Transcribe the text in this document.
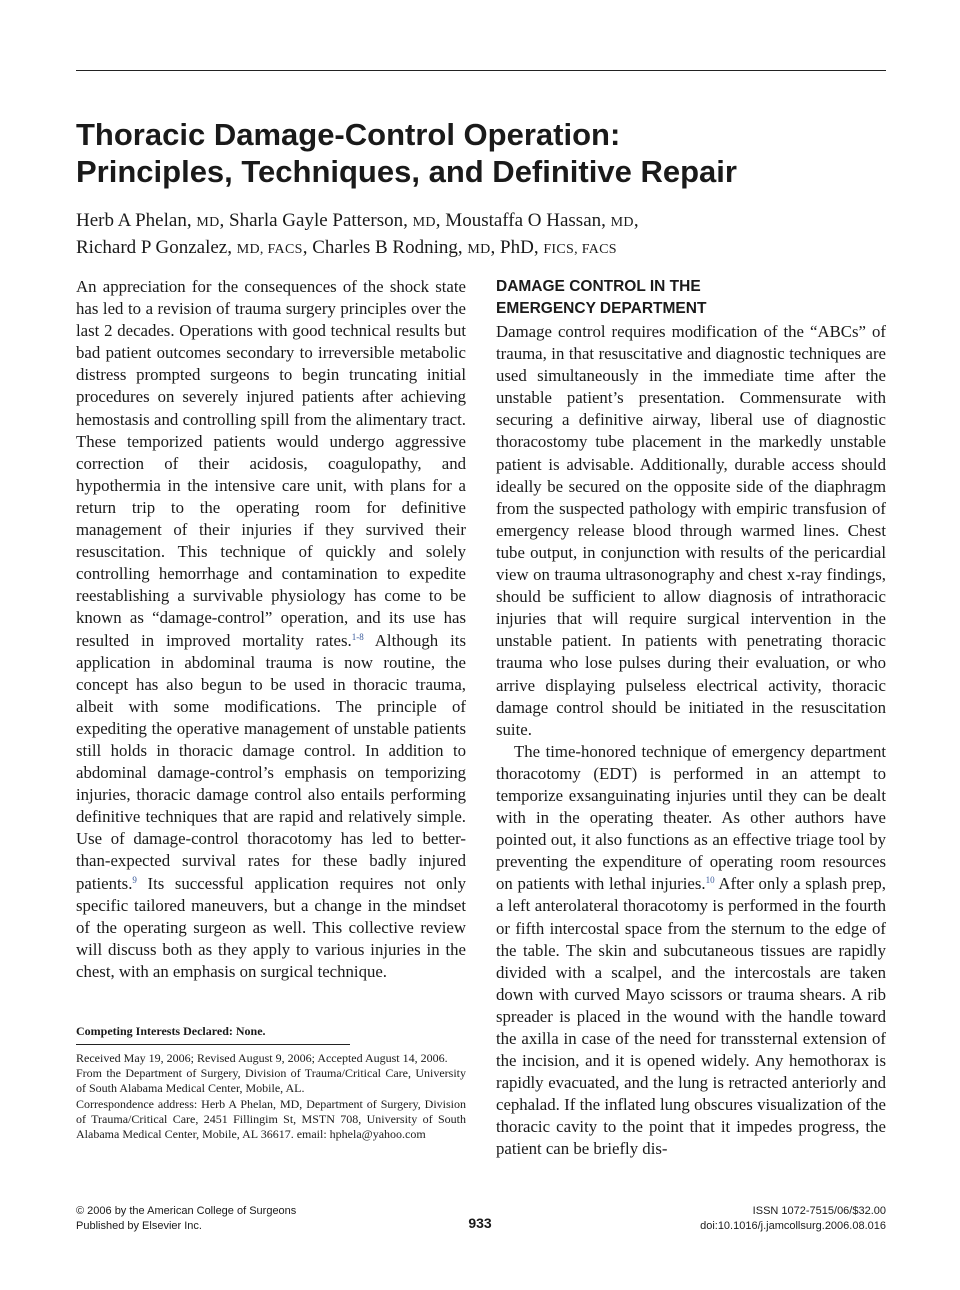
Thoracic Damage-Control Operation:
Principles, Techniques, and Definitive Repair
Herb A Phelan, MD, Sharla Gayle Patterson, MD, Moustaffa O Hassan, MD,
Richard P Gonzalez, MD, FACS, Charles B Rodning, MD, PhD, FICS, FACS

An appreciation for the consequences of the shock state has led to a revision of trauma surgery principles over the last 2 decades. Operations with good technical results but bad patient outcomes secondary to irreversible metabolic distress prompted surgeons to begin truncating initial procedures on severely injured patients after achieving hemostasis and controlling spill from the alimentary tract. These temporized patients would undergo aggressive correction of their acidosis, coagulopathy, and hypothermia in the intensive care unit, with plans for a return trip to the operating room for definitive management of their injuries if they survived their resuscitation. This technique of quickly and solely controlling hemorrhage and contamination to expedite reestablishing a survivable physiology has come to be known as “damage-control” operation, and its use has resulted in improved mortality rates.$^{1-8}$ Although its application in abdominal trauma is now routine, the concept has also begun to be used in thoracic trauma, albeit with some modifications. The principle of expediting the operative management of unstable patients still holds in thoracic damage control. In addition to abdominal damage-control’s emphasis on temporizing injuries, thoracic damage control also entails performing definitive techniques that are rapid and relatively simple. Use of damage-control thoracotomy has led to better-than-expected survival rates for these badly injured patients.$^9$ Its successful application requires not only specific tailored maneuvers, but a change in the mindset of the operating surgeon as well. This collective review will discuss both as they apply to various injuries in the chest, with an emphasis on surgical technique.

Competing Interests Declared: None.

Received May 19, 2006; Revised August 9, 2006; Accepted August 14, 2006.

From the Department of Surgery, Division of Trauma/Critical Care, University of South Alabama Medical Center, Mobile, AL.

Correspondence address: Herb A Phelan, MD, Department of Surgery, Division of Trauma/Critical Care, 2451 Fillingim St, MSTN 708, University of South Alabama Medical Center, Mobile, AL 36617. email: hphela@yahoo.com

DAMAGE CONTROL IN THE
EMERGENCY DEPARTMENT

Damage control requires modification of the “ABCs” of trauma, in that resuscitative and diagnostic techniques are used simultaneously in the immediate time after the unstable patient’s presentation. Commensurate with securing a definitive airway, liberal use of diagnostic thoracostomy tube placement in the markedly unstable patient is advisable. Additionally, durable access should ideally be secured on the opposite side of the diaphragm from the suspected pathology with empiric transfusion of emergency release blood through warmed lines. Chest tube output, in conjunction with results of the pericardial view on trauma ultrasonography and chest x-ray findings, should be sufficient to allow diagnosis of intrathoracic injuries that will require surgical intervention in the unstable patient. In patients with penetrating thoracic trauma who lose pulses during their evaluation, or who arrive displaying pulseless electrical activity, thoracic damage control should be initiated in the resuscitation suite.

The time-honored technique of emergency department thoracotomy (EDT) is performed in an attempt to temporize exsanguinating injuries until they can be dealt with in the operating theater. As other authors have pointed out, it also functions as an effective triage tool by preventing the expenditure of operating room resources on patients with lethal injuries.$^{10}$ After only a splash prep, a left anterolateral thoracotomy is performed in the fourth or fifth intercostal space from the sternum to the edge of the table. The skin and subcutaneous tissues are rapidly divided with a scalpel, and the intercostals are taken down with curved Mayo scissors or trauma shears. A rib spreader is placed in the wound with the handle toward the axilla in case of the need for transsternal extension of the incision, and it is opened widely. Any hemothorax is rapidly evacuated, and the lung is retracted anteriorly and cephalad. If the inflated lung obscures visualization of the thoracic cavity to the point that it impedes progress, the patient can be briefly dis-

© 2006 by the American College of Surgeons
Published by Elsevier Inc.	933
ISSN 1072-7515/06/$32.00
doi:10.1016/j.jamcollsurg.2006.08.016
